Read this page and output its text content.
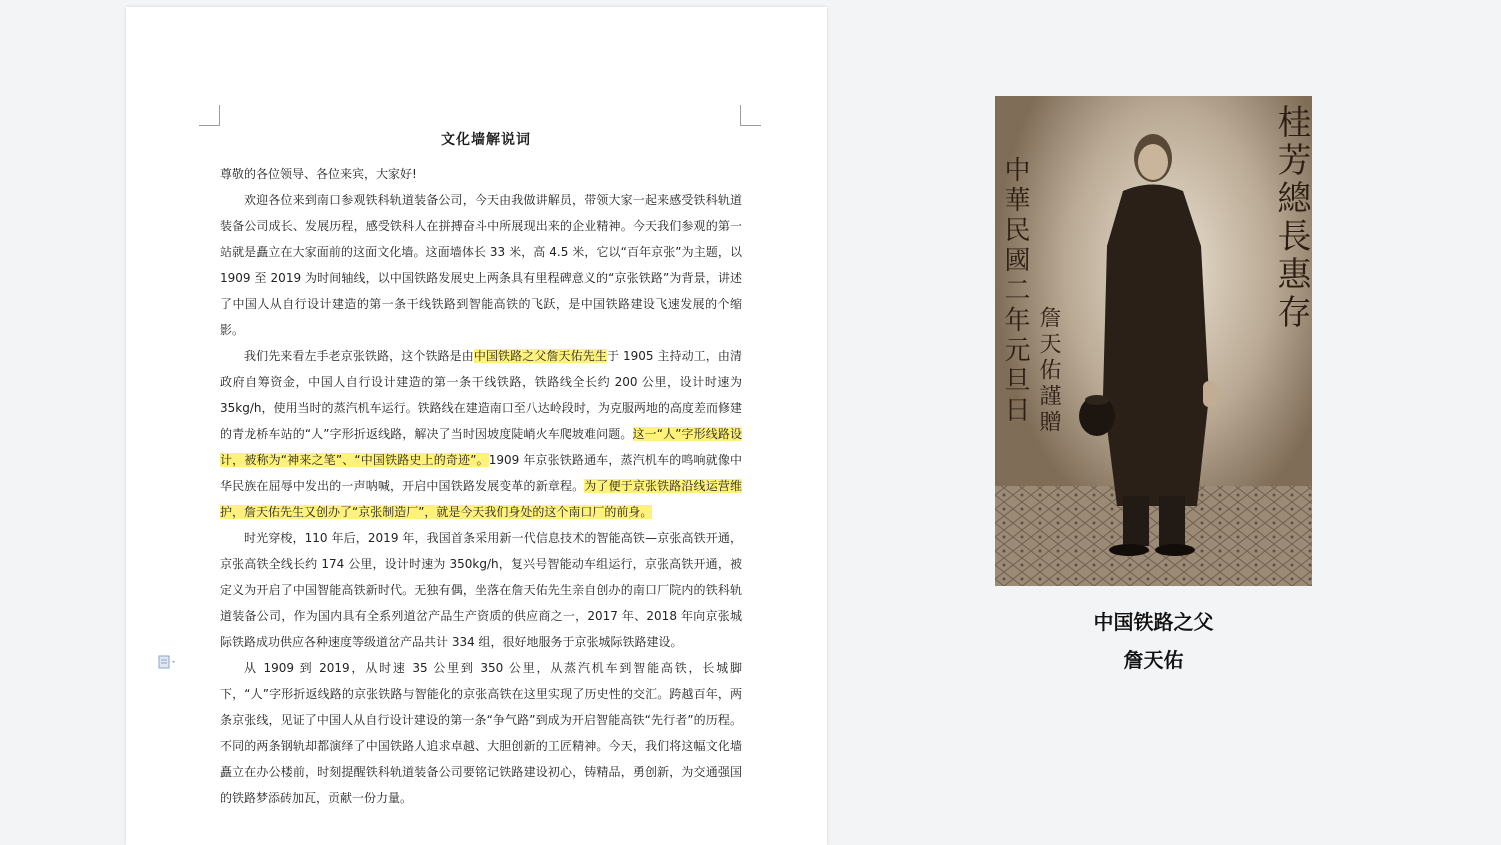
文化墙解说词

尊敬的各位领导、各位来宾，大家好!

欢迎各位来到南口参观铁科轨道装备公司，今天由我做讲解员，带领大家一起来感受铁科轨道装备公司成长、发展历程，感受铁科人在拼搏奋斗中所展现出来的企业精神。今天我们参观的第一站就是矗立在大家面前的这面文化墙。这面墙体长 33 米，高 4.5 米，它以“百年京张”为主题，以 1909 至 2019 为时间轴线，以中国铁路发展史上两条具有里程碑意义的“京张铁路”为背景，讲述了中国人从自行设计建造的第一条干线铁路到智能高铁的飞跃，是中国铁路建设飞速发展的个缩影。

我们先来看左手老京张铁路，这个铁路是由中国铁路之父詹天佑先生于 1905 主持动工，由清政府自筹资金，中国人自行设计建造的第一条干线铁路，铁路线全长约 200 公里，设计时速为 35kg/h，使用当时的蒸汽机车运行。铁路线在建造南口至八达岭段时，为克服两地的高度差而修建的青龙桥车站的“人”字形折返线路，解决了当时因坡度陡峭火车爬坡难问题。这一“人”字形线路设计，被称为“神来之笔”、“中国铁路史上的奇迹”。1909 年京张铁路通车，蒸汽机车的鸣响就像中华民族在屈辱中发出的一声呐喊，开启中国铁路发展变革的新章程。为了便于京张铁路沿线运营维护，詹天佑先生又创办了“京张制造厂”，就是今天我们身处的这个南口厂的前身。

时光穿梭，110 年后，2019 年，我国首条采用新一代信息技术的智能高铁—京张高铁开通，京张高铁全线长约 174 公里，设计时速为 350kg/h，复兴号智能动车组运行，京张高铁开通，被定义为开启了中国智能高铁新时代。无独有偶，坐落在詹天佑先生亲自创办的南口厂院内的铁科轨道装备公司，作为国内具有全系列道岔产品生产资质的供应商之一，2017 年、2018 年向京张城际铁路成功供应各种速度等级道岔产品共计 334 组，很好地服务于京张城际铁路建设。

从 1909 到 2019，从时速 35 公里到 350 公里，从蒸汽机车到智能高铁，长城脚下，“人”字形折返线路的京张铁路与智能化的京张高铁在这里实现了历史性的交汇。跨越百年，两条京张线，见证了中国人从自行设计建设的第一条“争气路”到成为开启智能高铁“先行者”的历程。不同的两条钢轨却都演绎了中国铁路人追求卓越、大胆创新的工匠精神。今天，我们将这幅文化墙矗立在办公楼前，时刻提醒铁科轨道装备公司要铭记铁路建设初心，铸精品，勇创新，为交通强国的铁路梦添砖加瓦，贡献一份力量。

桂芳總長惠存
中華民國二年元旦日 詹天佑謹贈
中国铁路之父
詹天佑
